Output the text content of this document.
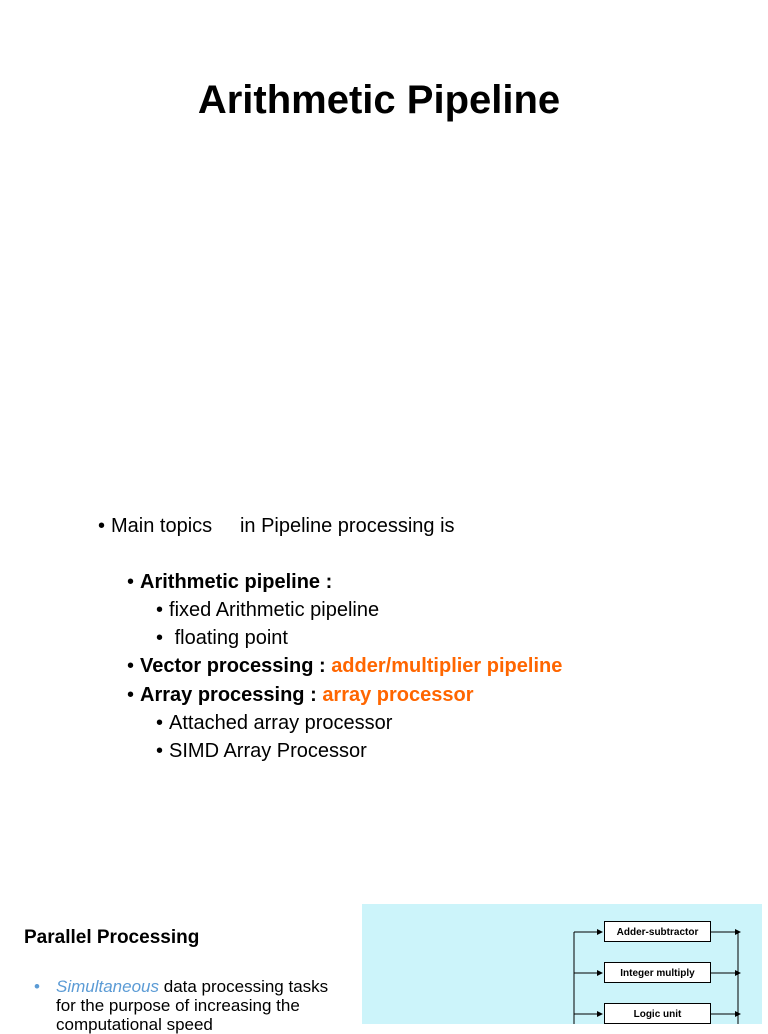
Arithmetic Pipeline
• Main topics     in Pipeline processing is
• Arithmetic pipeline :
• fixed Arithmetic pipeline
• floating point
• Vector processing : adder/multiplier pipeline
• Array processing : array processor
• Attached array processor
• SIMD Array Processor
Parallel Processing
• Simultaneous data processing tasks for the purpose of increasing the computational speed
Adder-subtractor
Integer multiply
Logic unit
